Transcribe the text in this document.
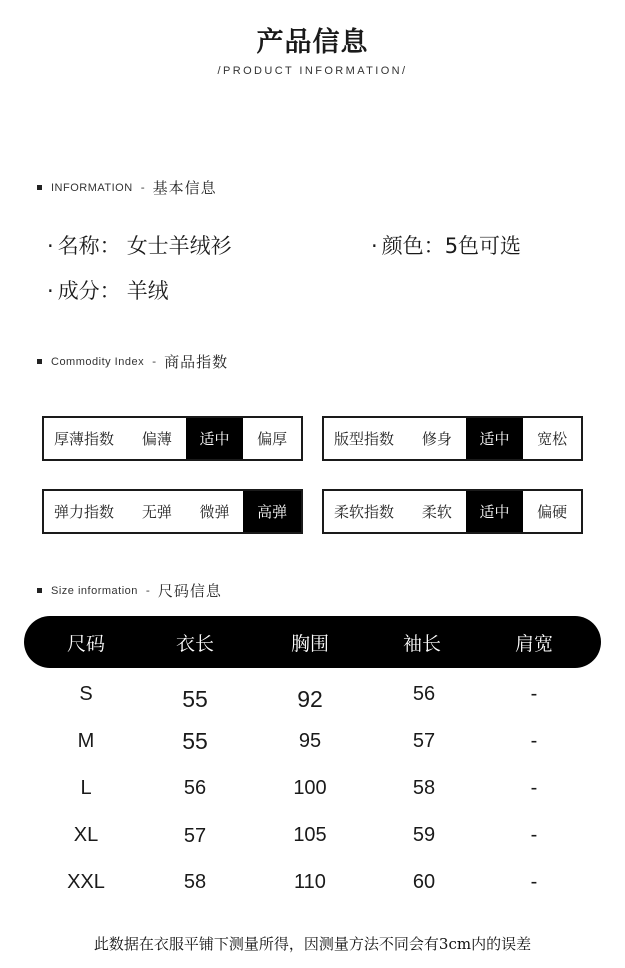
产品信息
/PRODUCT INFORMATION/
INFORMATION - 基本信息
· 名称： 女士羊绒衫	· 颜色：5色可选
· 成分： 羊绒
Commodity Index - 商品指数
厚薄指数	偏薄	适中	偏厚	版型指数	修身	适中	宽松
弹力指数	无弹	微弹	高弹	柔软指数	柔软	适中	偏硬
Size information - 尺码信息
尺码	衣长	胸围	袖长	肩宽
S	55	92	56	-
M	55	95	57	-
L	56	100	58	-
XL	57	105	59	-
XXL	58	110	60	-
此数据在衣服平铺下测量所得，因测量方法不同会有3cm内的误差
